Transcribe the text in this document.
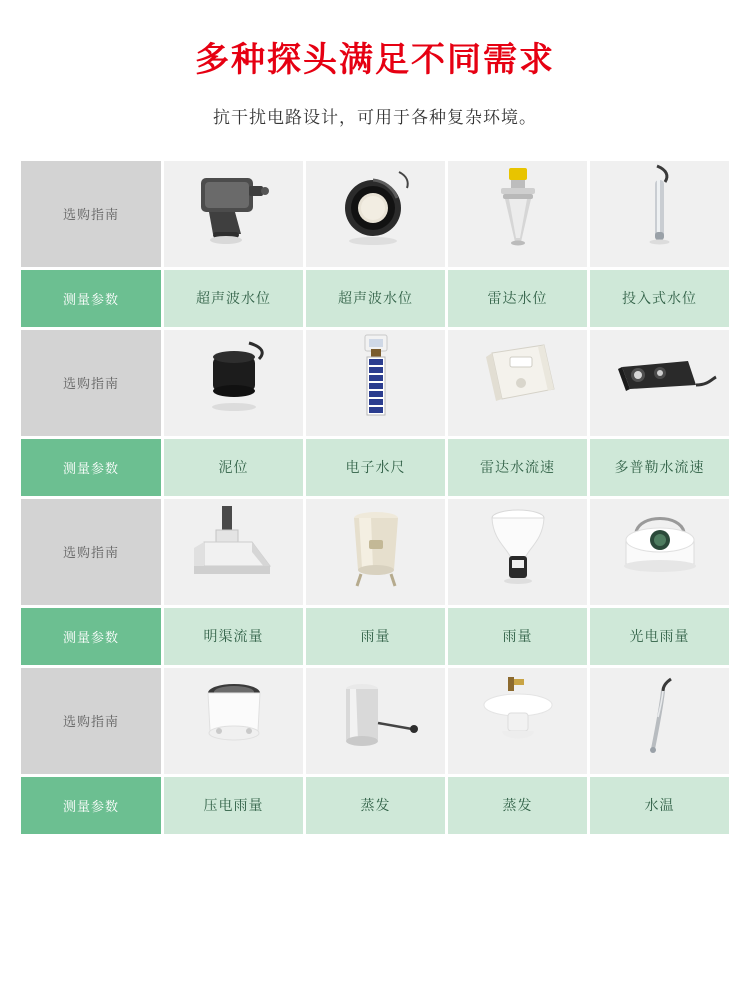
多种探头满足不同需求

抗干扰电路设计，可用于各种复杂环境。

选购指南	

测量参数	超声波水位	超声波水位	雷达水位	投入式水位
选购指南	

测量参数	泥位	电子水尺	雷达水流速	多普勒水流速
选购指南	

测量参数	明渠流量	雨量	雨量	光电雨量
选购指南	

测量参数	压电雨量	蒸发	蒸发	水温
